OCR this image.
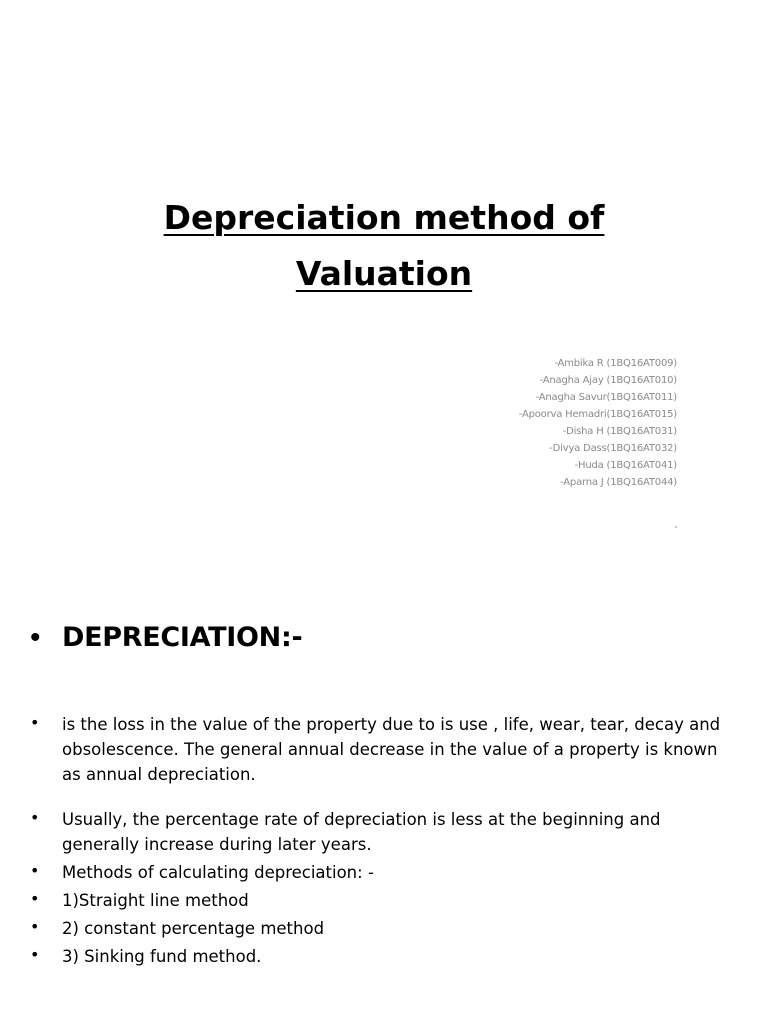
Depreciation method of
Valuation
-Ambika R (1BQ16AT009)
-Anagha Ajay (1BQ16AT010)
-Anagha Savur(1BQ16AT011)
-Apoorva Hemadri(1BQ16AT015)
-Disha H (1BQ16AT031)
-Divya Dass(1BQ16AT032)
-Huda (1BQ16AT041)
-Aparna J (1BQ16AT044)
• DEPRECIATION:-
• is the loss in the value of the property due to is use , life, wear, tear, decay and obsolescence. The general annual decrease in the value of a property is known as annual depreciation.
• Usually, the percentage rate of depreciation is less at the beginning and generally increase during later years.
• Methods of calculating depreciation: -
• 1)Straight line method
• 2) constant percentage method
• 3) Sinking fund method.
